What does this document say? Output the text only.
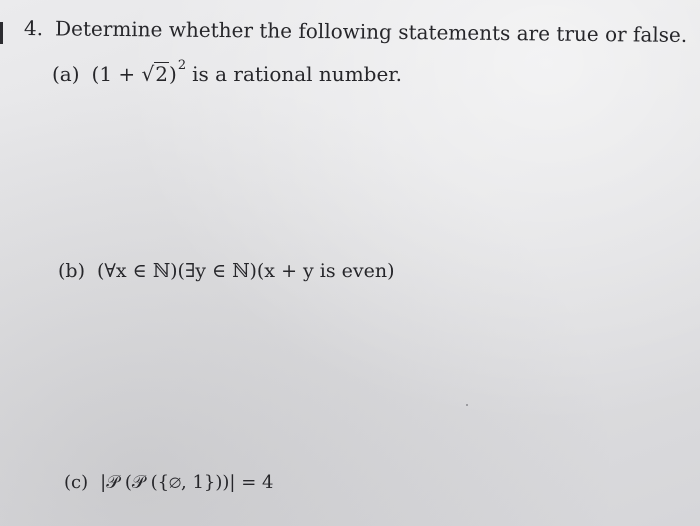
4. Determine whether the following statements are true or false.
(a) $(1 + √2)^2$ is a rational number.
(b) (∀x ∈ ℕ)(∃y ∈ ℕ)(x + y is even)
(c) |𝒫 (𝒫 ({∅, 1}))| = 4
